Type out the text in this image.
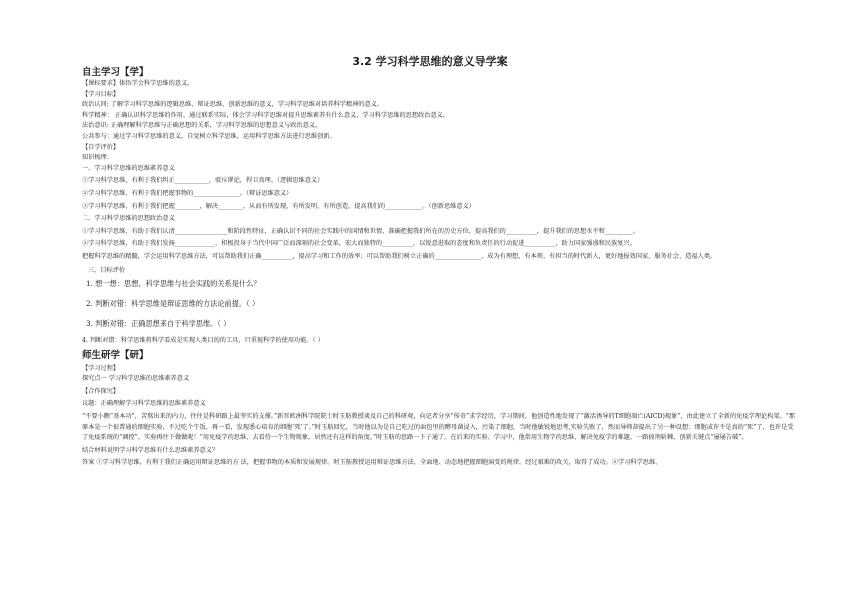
3.2 学习科学思维的意义导学案
自主学习【学】
【课标要求】体悟学会科学思维的意义。
【学习目标】
政治认同: 了解学习科学思维的逻辑思维、辩证思维、创新思维的意义，学习科学思维对培养科学精神的意义。
科学精神： 正确认识科学思维的作用，通过联系实际，体会学习科学思维对提升思维素养有什么意义，学习科学思维的思想政治意义。
法治意识: 正确理解科学思维与正确思想的关系，学习科学思维的思想意义与政治意义。
公共参与：通过学习科学思维的意义，自觉树立科学思维，运用科学思维方法进行思维创新。
【自学评价】
知识梳理：
一、学习科学思维的思维素养意义
①学习科学思维，有利于我们纠正___________，驳斥谬论，捍卫真理。（逻辑思维意义）
②学习科学思维，有利于我们把握事物的_______________。（辩证思维意义）
③学习科学思维，有利于我们把握________，解决________，从而有所发现、有所发明、有所创造，提高我们的____________。（创新思维意义）
二、学习科学思维的思想政治意义
①学习科学思维，有助于我们认清_________________和阶段性特征，正确认识不同的社会实践中的国情和世情，准确把握我们所在的历史方位，提高我们的__________，提升我们的思想水平和_________。
②学习科学思维，有助于我们发扬_____________，积极投身于当代中国广泛而深刻的社会变革，宏大而独特的__________，以锐意进取的态度和负责任的行动促进__________，助力国家强盛和民族复兴。
把握科学思维的精髓，学会运用科学思维方法，可以帮助我们正确__________，提高学习和工作的效率；可以帮助我们树立正确的_______________，成为有理想、有本领、有担当的时代新人，更好地报效国家、服务社会、造福人类。
三、目标评价
1. 想一想：思想、科学思维与社会实践的关系是什么？
2. 判断对错：科学思维是辩证思维的方法论前提。（ ）
3. 判断对错：正确思想来自于科学思维。（ ）
4. 判断对错：科学思维将科学看成是实现人类目的的工具，只重视科学的使用功能。（ ）
师生研学【研】
【学习过程】
探究点一 学习科学思维的思维素养意义
【合作探究】
议题：正确理解学习科学思维的思维素养意义
“不要小瞧“基本功”，苦熬出来的内力，往往是科研路上最坚实的支撑。”新晋欧洲科学院院士时玉舫教授谈及自己的科研观，向记者分享“传奇”求学经历，学习期间，他创造性地发现了“激活诱导的T细胞凋亡(AICD)现象”，由此建立了全新的免疫学理论构架。“那原本是一个很普通的细胞实验，不过吃个午饭，再一看，发现悉心培育的细胞‘死’了。”时玉舫回忆，当时他以为是自己吃过的面包里的酵母菌浸入，污染了细胞，当时他敏锐地思考,实验失败了，然而导师却提出了另一种设想：细胞或许不是真的“死”了，也许是受了免疫系统的“调控”，实验再往下做做呢！”用免疫学的思维，去看待一个生物现象，居然还有这样的角度。”时玉舫的思路一下子通了。在后来的实验、学习中，他常用生物学的思维，解决免疫学的难题，一路披荆斩棘，创新关键点“屡屡告破”。
结合材料说明学习科学思维有什么思维素养意义？
答案 ①学习科学思维，有利于我们正确运用辩证思维的方 法，把握事物的本质和发展规律。时玉舫教授运用辩证思维方法，全面地、动态地把握细胞演变的规律，经过艰难的攻关，取得了成功。②学习科学思维，
